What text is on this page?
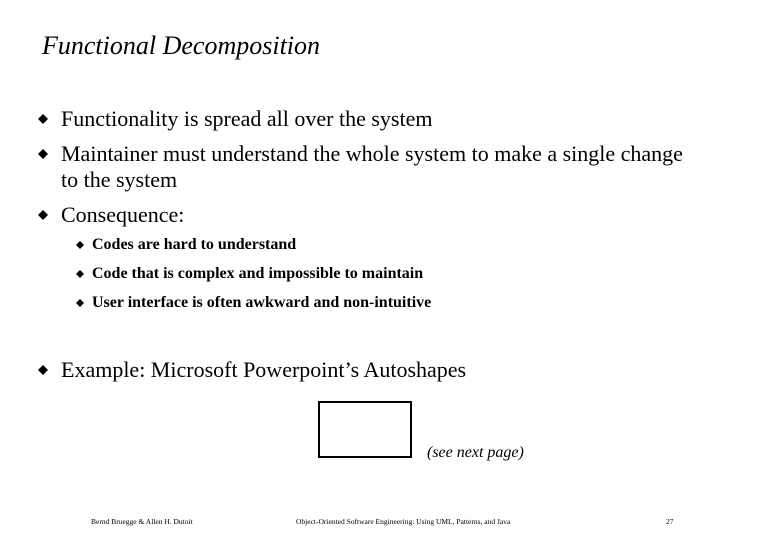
Functional Decomposition
Functionality is spread all over the system
Maintainer must understand the whole system to make a single change to the system
Consequence:
Codes are hard to understand
Code that is complex and impossible to maintain
User interface is often awkward and non-intuitive
Example: Microsoft Powerpoint’s Autoshapes
(see next page)
Bernd Bruegge & Allen H. Dutoit	Object-Oriented Software Engineering: Using UML, Patterns, and Java	27
